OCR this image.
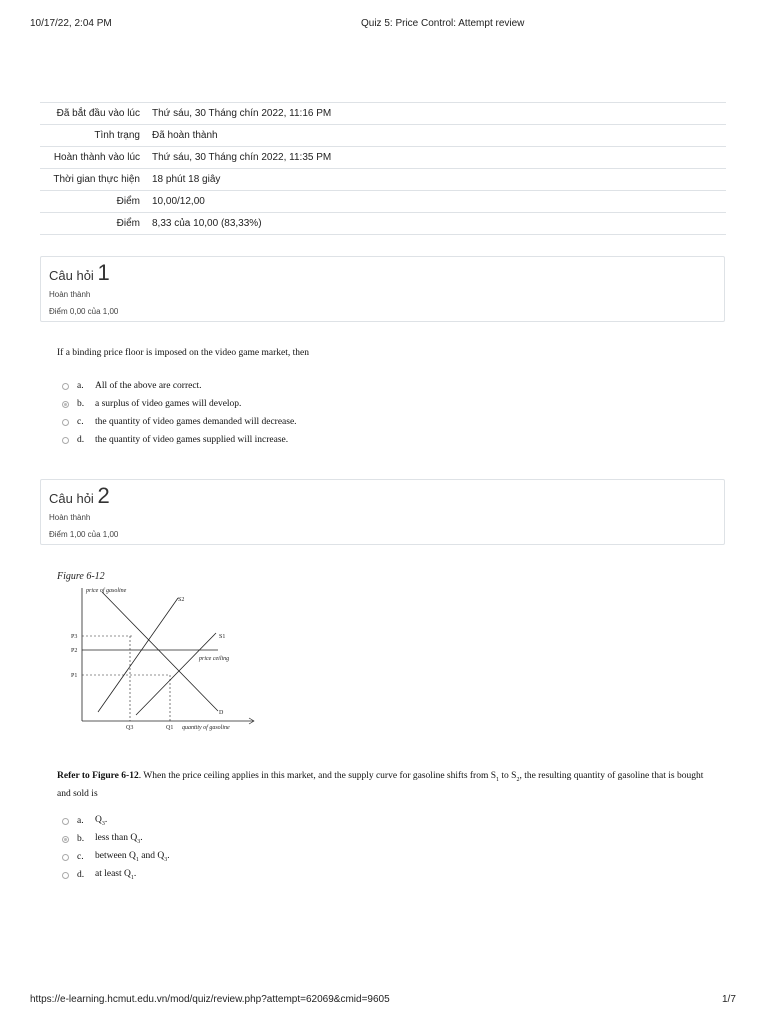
10/17/22, 2:04 PM	Quiz 5: Price Control: Attempt review
Đã bắt đầu vào lúc	Thứ sáu, 30 Tháng chín 2022, 11:16 PM
Tình trạng	Đã hoàn thành
Hoàn thành vào lúc	Thứ sáu, 30 Tháng chín 2022, 11:35 PM
Thời gian thực hiện	18 phút 18 giây
Điểm	10,00/12,00
Điểm	8,33 của 10,00 (83,33%)
Câu hỏi 1
Hoàn thành
Điểm 0,00 của 1,00
If a binding price floor is imposed on the video game market, then
a.	All of the above are correct.
b.	a surplus of video games will develop.
c.	the quantity of video games demanded will decrease.
d.	the quantity of video games supplied will increase.
Câu hỏi 2
Hoàn thành
Điểm 1,00 của 1,00
Figure 6-12
price of gasoline
S2
S1
price ceiling
D
P3
P2
P1
Q3	Q1 quantity of gasoline
Refer to Figure 6-12. When the price ceiling applies in this market, and the supply curve for gasoline shifts from $S_1$ to $S_2$, the resulting quantity of gasoline that is bought and sold is
a.	$Q_3$.
b.	less than $Q_3$.
c.	between $Q_1$ and $Q_3$.
d.	at least $Q_1$.
https://e-learning.hcmut.edu.vn/mod/quiz/review.php?attempt=62069&cmid=9605	1/7
